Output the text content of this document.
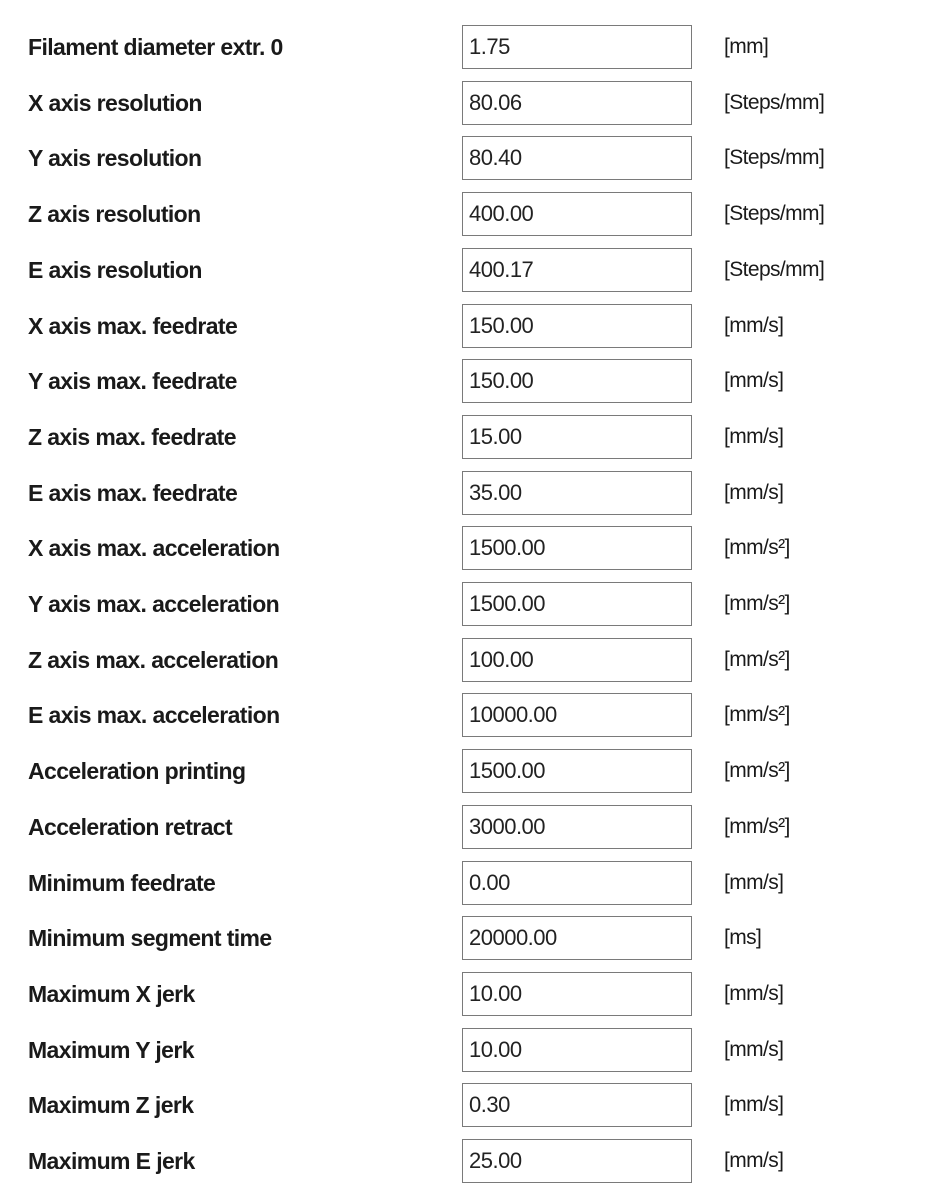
Filament diameter extr. 0
1.75	[mm]
X axis resolution
80.06	[Steps/mm]
Y axis resolution
80.40	[Steps/mm]
Z axis resolution
400.00	[Steps/mm]
E axis resolution
400.17	[Steps/mm]
X axis max. feedrate
150.00	[mm/s]
Y axis max. feedrate
150.00	[mm/s]
Z axis max. feedrate
15.00	[mm/s]
E axis max. feedrate
35.00	[mm/s]
X axis max. acceleration
1500.00	[mm/s²]
Y axis max. acceleration
1500.00	[mm/s²]
Z axis max. acceleration
100.00	[mm/s²]
E axis max. acceleration
10000.00	[mm/s²]
Acceleration printing
1500.00	[mm/s²]
Acceleration retract
3000.00	[mm/s²]
Minimum feedrate
0.00	[mm/s]
Minimum segment time
20000.00	[ms]
Maximum X jerk
10.00	[mm/s]
Maximum Y jerk
10.00	[mm/s]
Maximum Z jerk
0.30	[mm/s]
Maximum E jerk
25.00	[mm/s]
